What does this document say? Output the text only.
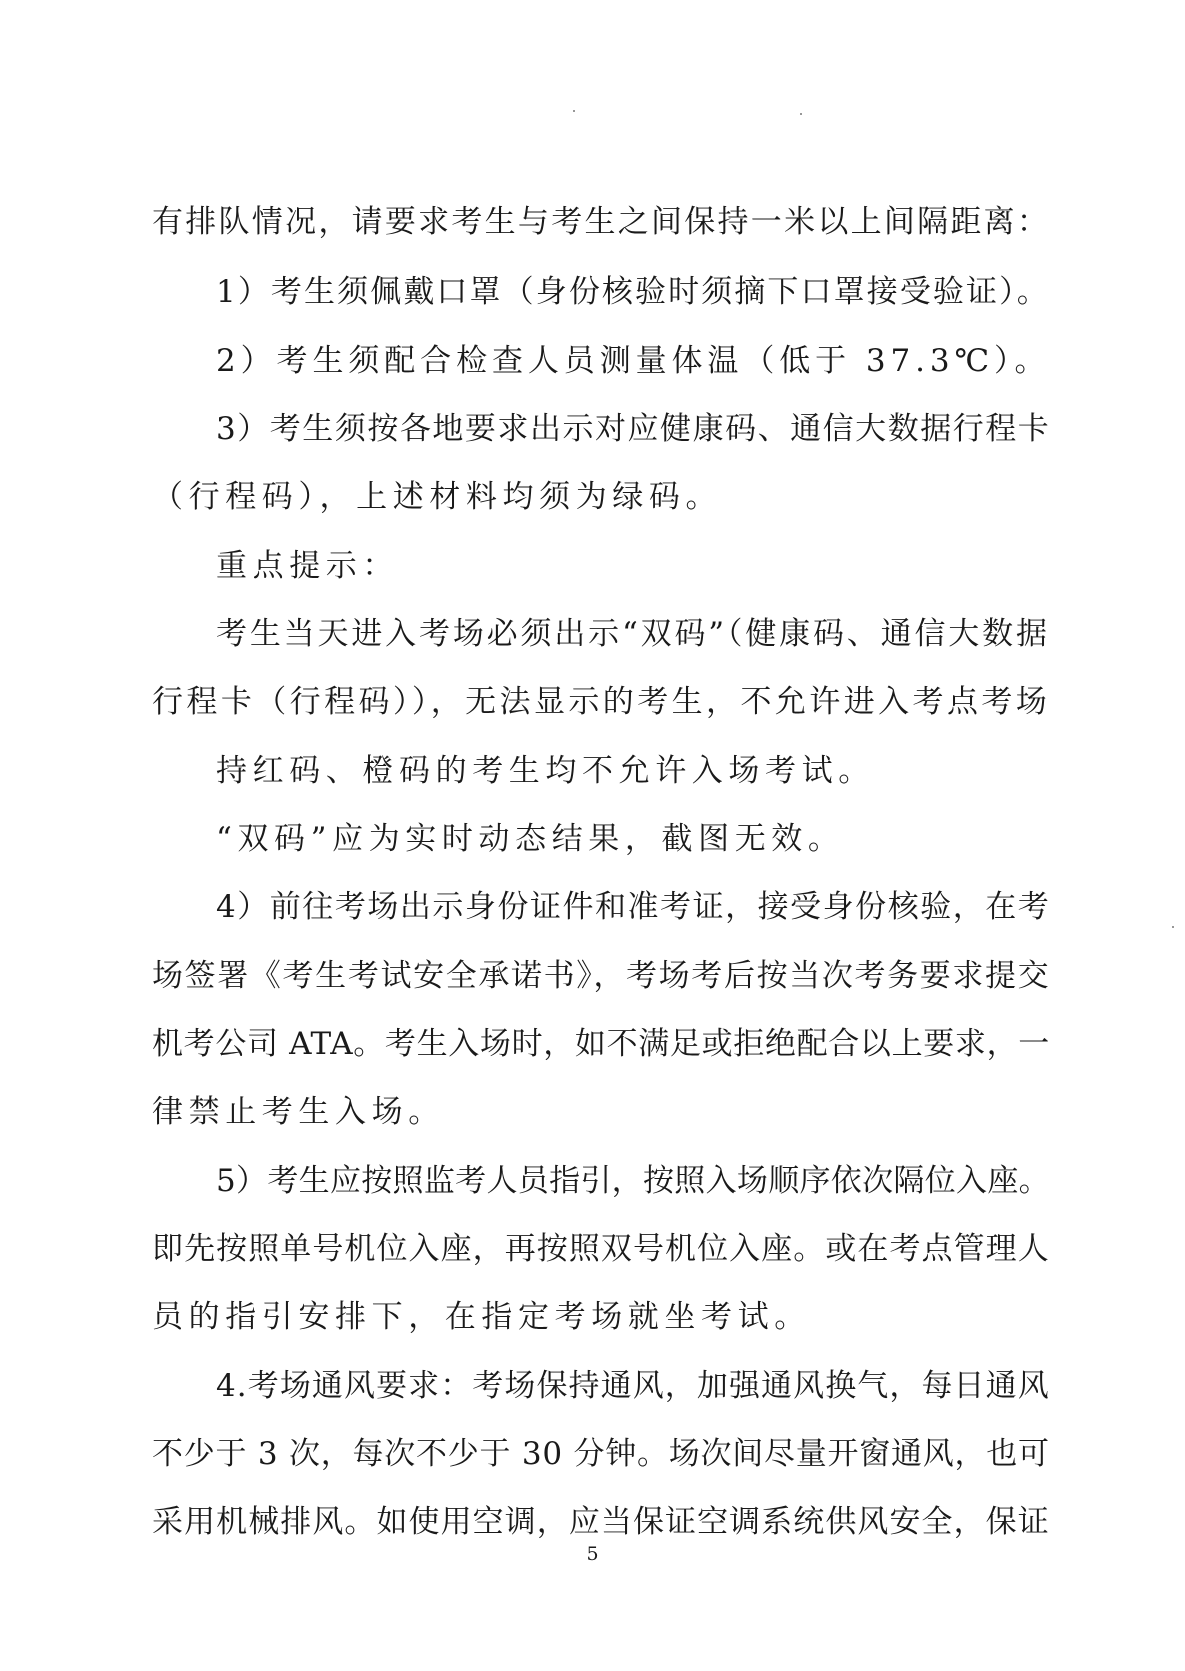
有排队情况，请要求考生与考生之间保持一米以上间隔距离：
1）考生须佩戴口罩（身份核验时须摘下口罩接受验证）。
2）考生须配合检查人员测量体温（低于 37.3℃）。
3）考生须按各地要求出示对应健康码、通信大数据行程卡
（行程码），上述材料均须为绿码。
重点提示：
考生当天进入考场必须出示“双码”（健康码、通信大数据
行程卡（行程码）），无法显示的考生，不允许进入考点考场
持红码、橙码的考生均不允许入场考试。
“双码”应为实时动态结果，截图无效。
4）前往考场出示身份证件和准考证，接受身份核验，在考
场签署《考生考试安全承诺书》，考场考后按当次考务要求提交
机考公司 ATA。考生入场时，如不满足或拒绝配合以上要求，一
律禁止考生入场。
5）考生应按照监考人员指引，按照入场顺序依次隔位入座。
即先按照单号机位入座，再按照双号机位入座。或在考点管理人
员的指引安排下，在指定考场就坐考试。
4.考场通风要求：考场保持通风，加强通风换气，每日通风
不少于 3 次，每次不少于 30 分钟。场次间尽量开窗通风，也可
采用机械排风。如使用空调，应当保证空调系统供风安全，保证
5
